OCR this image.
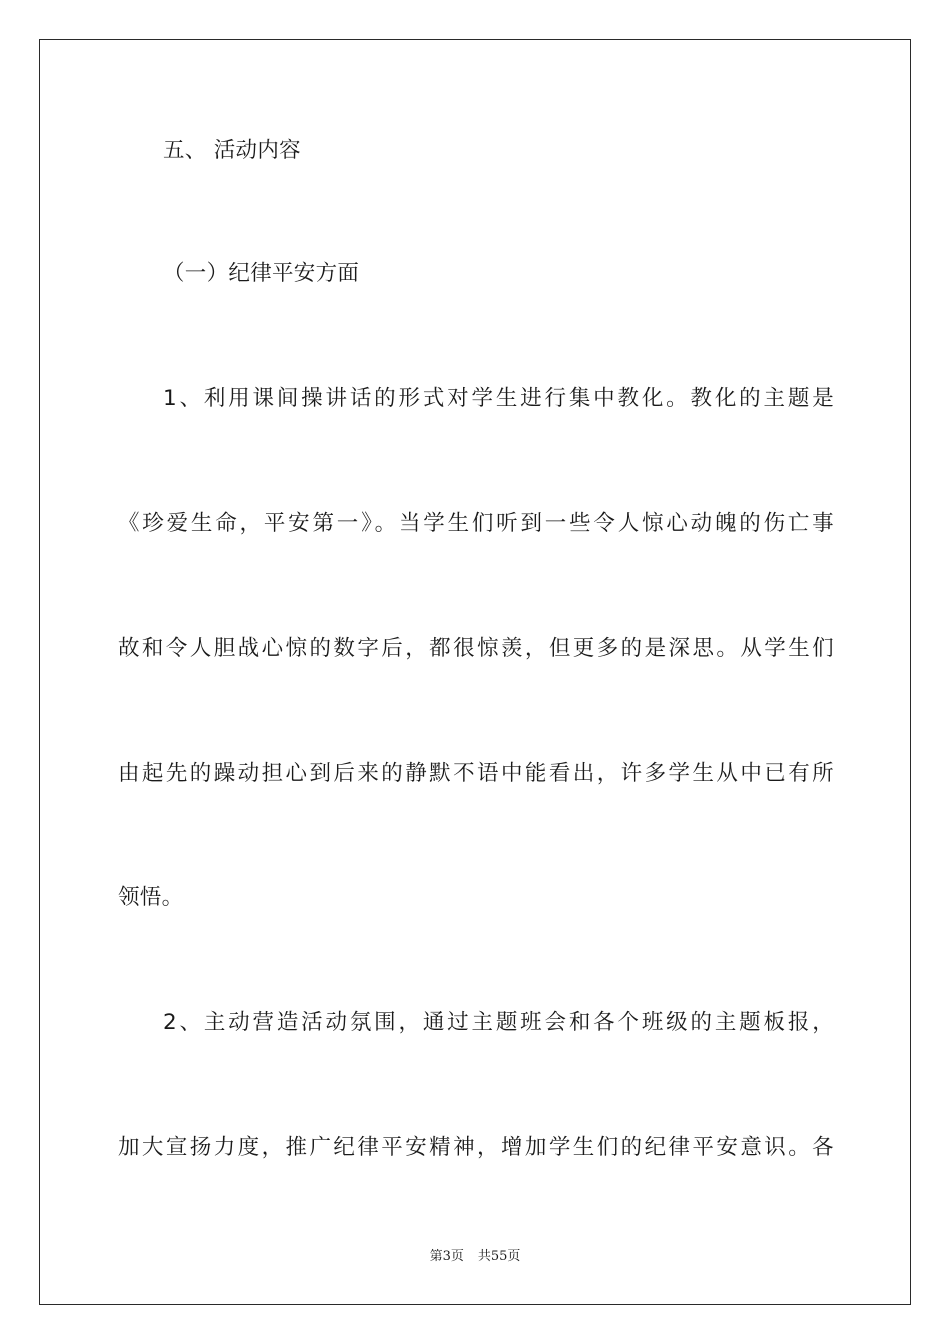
五、 活动内容
（一）纪律平安方面
1、利用课间操讲话的形式对学生进行集中教化。教化的主题是
《珍爱生命，平安第一》。当学生们听到一些令人惊心动魄的伤亡事
故和令人胆战心惊的数字后，都很惊羡，但更多的是深思。从学生们
由起先的躁动担心到后来的静默不语中能看出，许多学生从中已有所
领悟。
2、主动营造活动氛围，通过主题班会和各个班级的主题板报，
加大宣扬力度，推广纪律平安精神，增加学生们的纪律平安意识。各
第3页 共55页
